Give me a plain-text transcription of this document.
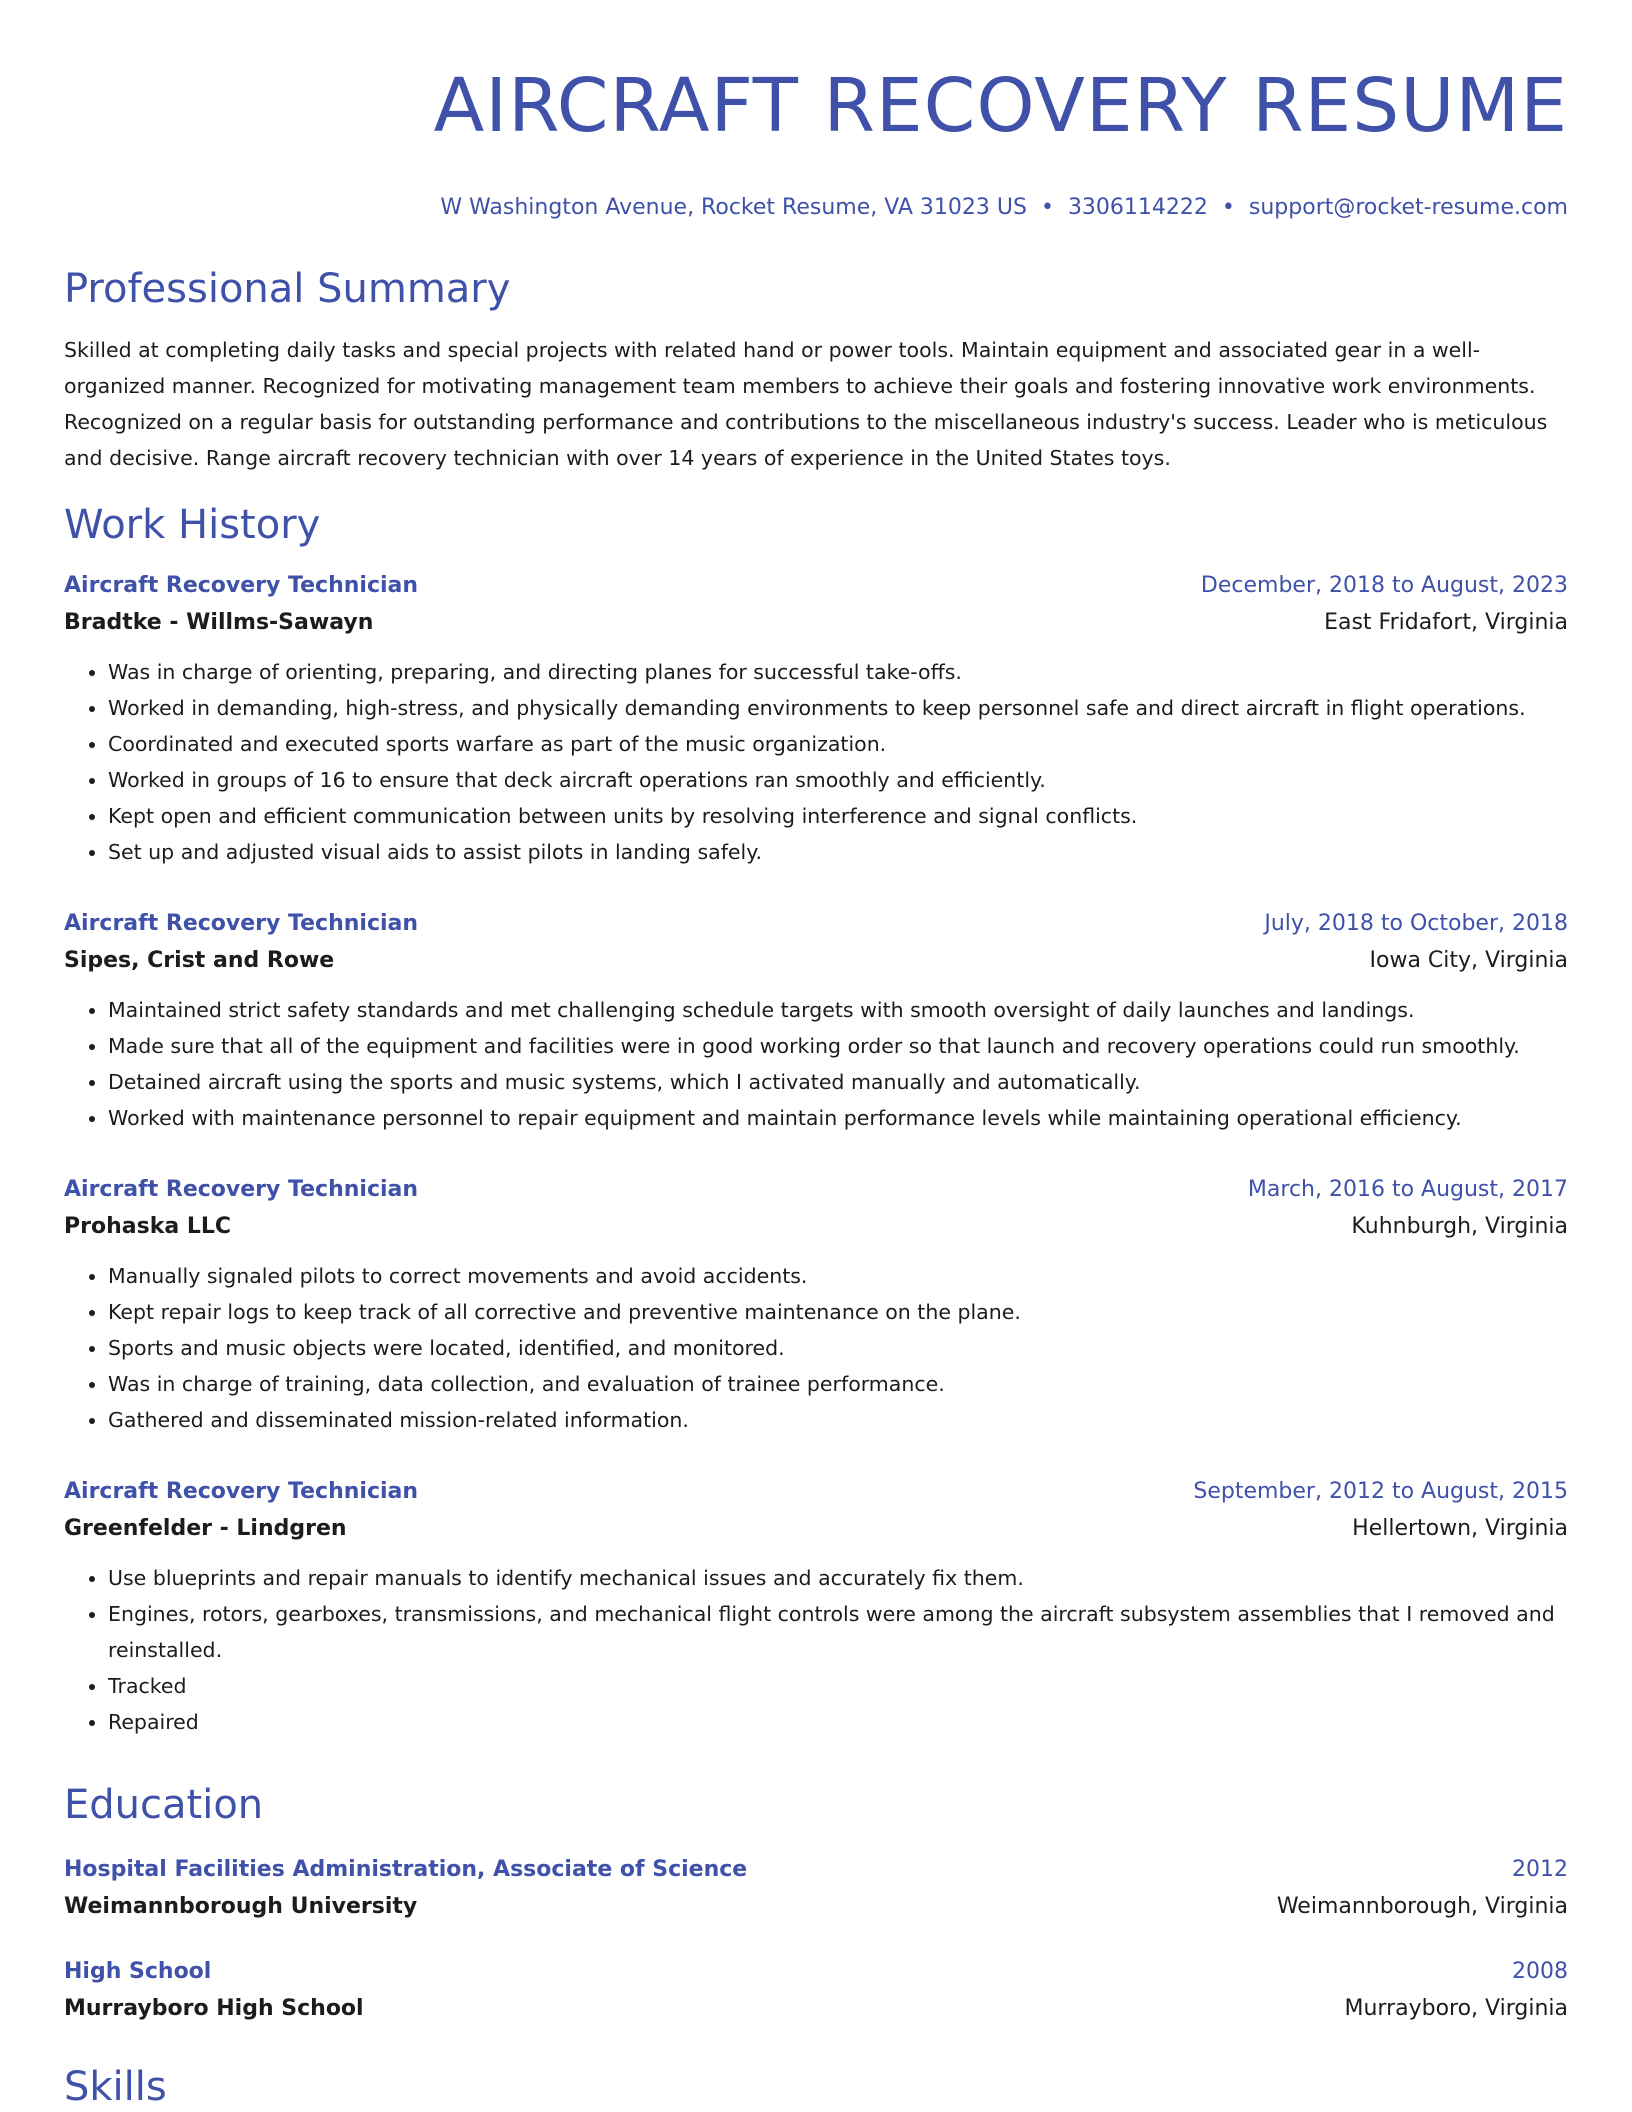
AIRCRAFT RECOVERY RESUME
W Washington Avenue, Rocket Resume, VA 31023 US • 3306114222 • support@rocket-resume.com
Professional Summary
Skilled at completing daily tasks and special projects with related hand or power tools. Maintain equipment and associated gear in a well-organized manner. Recognized for motivating management team members to achieve their goals and fostering innovative work environments. Recognized on a regular basis for outstanding performance and contributions to the miscellaneous industry's success. Leader who is meticulous and decisive. Range aircraft recovery technician with over 14 years of experience in the United States toys.
Work History
Aircraft Recovery Technician	December, 2018 to August, 2023
Bradtke - Willms-Sawayn	East Fridafort, Virginia
• Was in charge of orienting, preparing, and directing planes for successful take-offs.
• Worked in demanding, high-stress, and physically demanding environments to keep personnel safe and direct aircraft in flight operations.
• Coordinated and executed sports warfare as part of the music organization.
• Worked in groups of 16 to ensure that deck aircraft operations ran smoothly and efficiently.
• Kept open and efficient communication between units by resolving interference and signal conflicts.
• Set up and adjusted visual aids to assist pilots in landing safely.
Aircraft Recovery Technician	July, 2018 to October, 2018
Sipes, Crist and Rowe	Iowa City, Virginia
• Maintained strict safety standards and met challenging schedule targets with smooth oversight of daily launches and landings.
• Made sure that all of the equipment and facilities were in good working order so that launch and recovery operations could run smoothly.
• Detained aircraft using the sports and music systems, which I activated manually and automatically.
• Worked with maintenance personnel to repair equipment and maintain performance levels while maintaining operational efficiency.
Aircraft Recovery Technician	March, 2016 to August, 2017
Prohaska LLC	Kuhnburgh, Virginia
• Manually signaled pilots to correct movements and avoid accidents.
• Kept repair logs to keep track of all corrective and preventive maintenance on the plane.
• Sports and music objects were located, identified, and monitored.
• Was in charge of training, data collection, and evaluation of trainee performance.
• Gathered and disseminated mission-related information.
Aircraft Recovery Technician	September, 2012 to August, 2015
Greenfelder - Lindgren	Hellertown, Virginia
• Use blueprints and repair manuals to identify mechanical issues and accurately fix them.
• Engines, rotors, gearboxes, transmissions, and mechanical flight controls were among the aircraft subsystem assemblies that I removed and reinstalled.
• Tracked
• Repaired
Education
Hospital Facilities Administration, Associate of Science	2012
Weimannborough University	Weimannborough, Virginia
High School	2008
Murrayboro High School	Murrayboro, Virginia
Skills
